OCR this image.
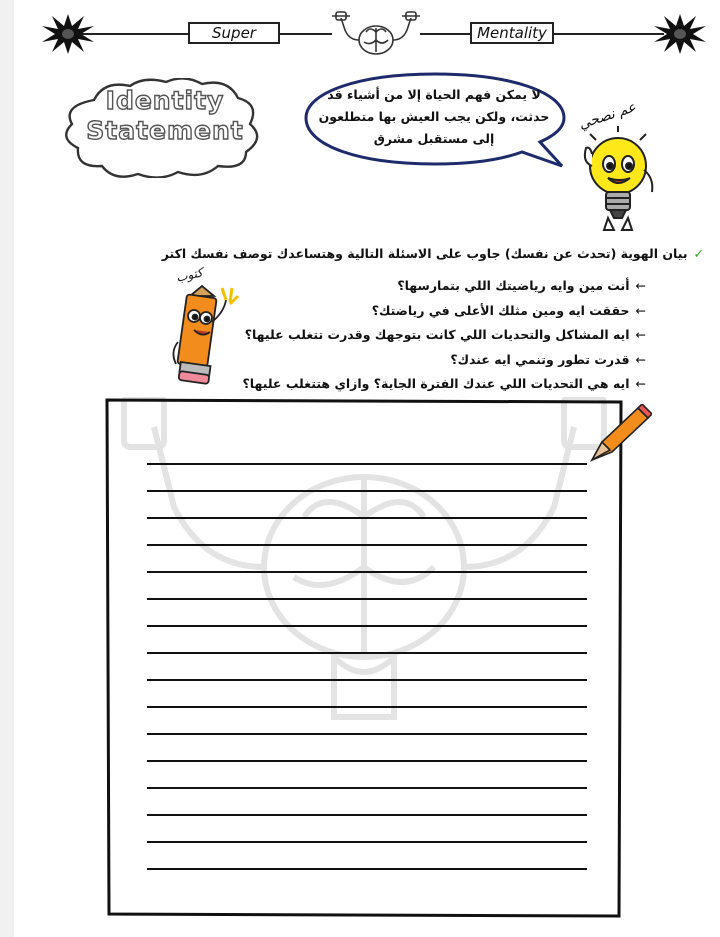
Super	Mentality
Identity
Statement
لا يمكن فهم الحياة إلا من أشياء قد
حدثت، ولكن يجب العيش بها متطلعون
إلى مستقبل مشرق
عم نصحي
✓بيان الهوية (تحدث عن نفسك) جاوب على الاسئلة التالية وهتساعدك توصف نفسك اكتر
كتوب
←أنت مين وايه رياضيتك اللي بتمارسها؟
←حققت ايه ومين مثلك الأعلى في رياضتك؟
←ايه المشاكل والتحديات اللي كانت بتوجهك وقدرت تتغلب عليها؟
←قدرت تطور وتنمي ايه عندك؟
←ايه هي التحديات اللي عندك الفترة الجاية؟ وازاي هتتغلب عليها؟
